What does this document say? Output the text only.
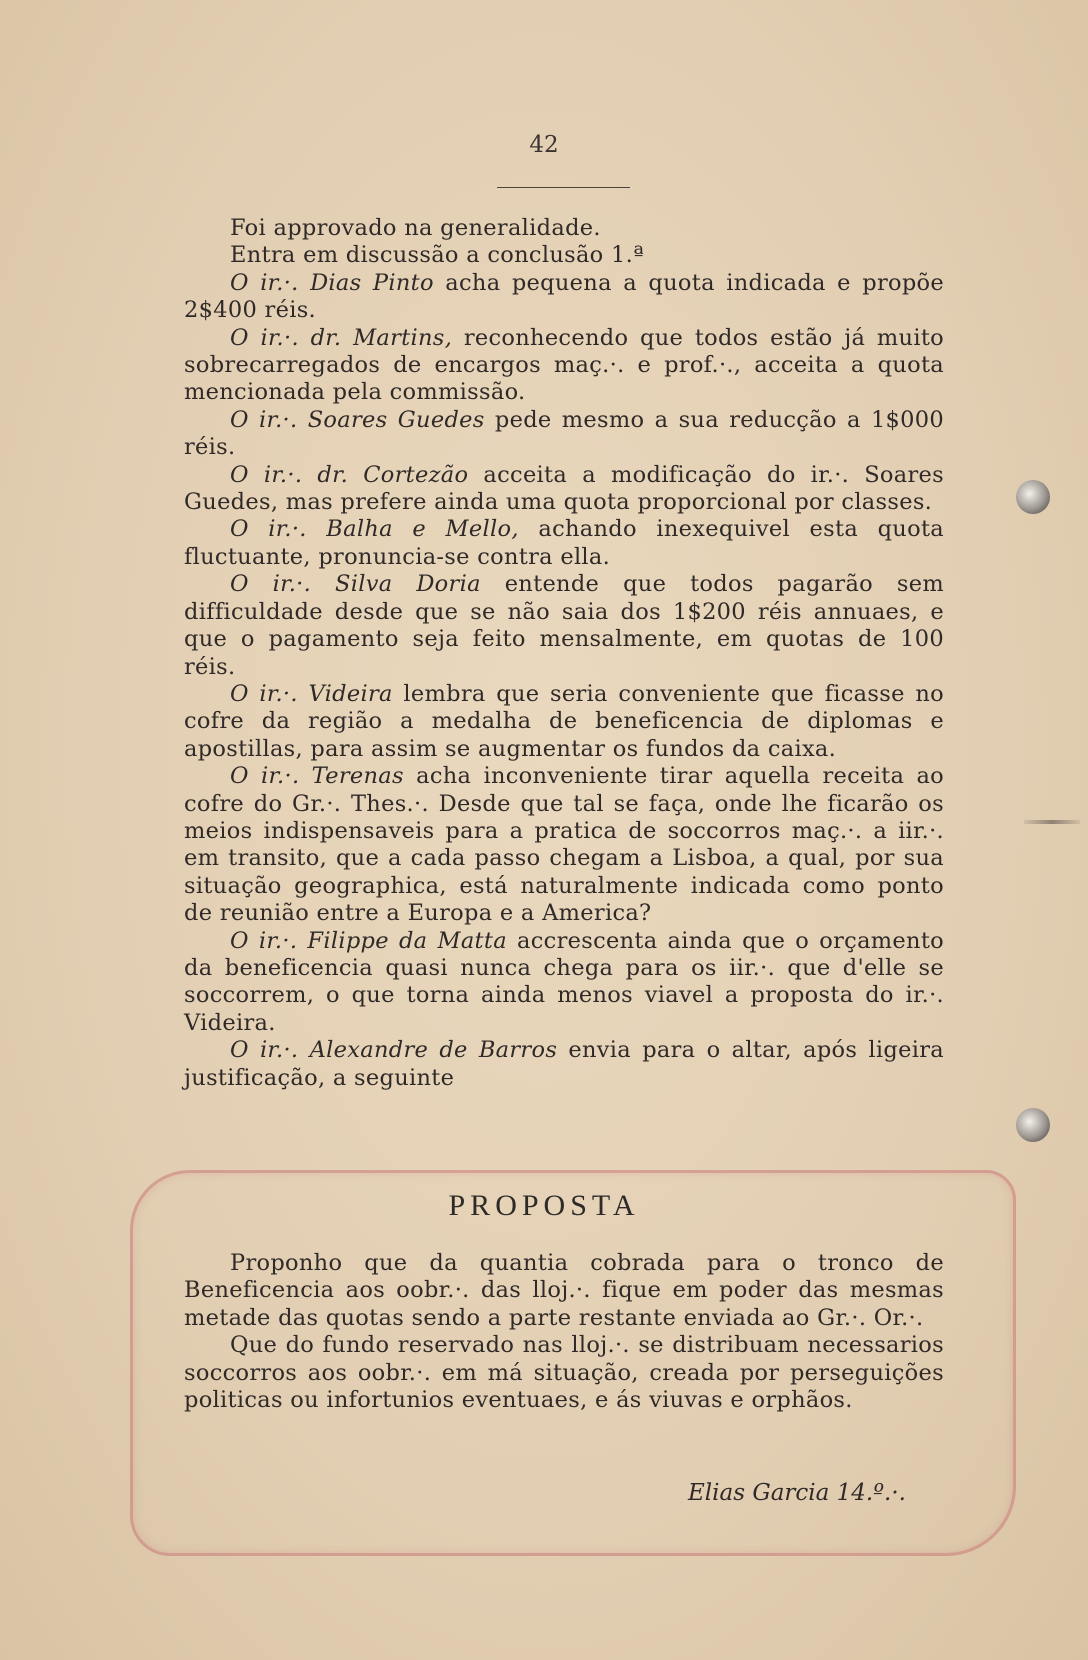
42

Foi approvado na generalidade.

Entra em discussão a conclusão 1.ª

O ir.·. Dias Pinto acha pequena a quota indicada e propõe 2$400 réis.

O ir.·. dr. Martins, reconhecendo que todos estão já muito sobrecarregados de encargos maç.·. e prof.·., acceita a quota mencionada pela commissão.

O ir.·. Soares Guedes pede mesmo a sua reducção a 1$000 réis.

O ir.·. dr. Cortezão acceita a modificação do ir.·. Soares Guedes, mas prefere ainda uma quota proporcional por classes.

O ir.·. Balha e Mello, achando inexequivel esta quota fluctuante, pronuncia-se contra ella.

O ir.·. Silva Doria entende que todos pagarão sem difficuldade desde que se não saia dos 1$200 réis annuaes, e que o pagamento seja feito mensalmente, em quotas de 100 réis.

O ir.·. Videira lembra que seria conveniente que ficasse no cofre da região a medalha de beneficencia de diplomas e apostillas, para assim se augmentar os fundos da caixa.

O ir.·. Terenas acha inconveniente tirar aquella receita ao cofre do Gr.·. Thes.·. Desde que tal se faça, onde lhe ficarão os meios indispensaveis para a pratica de soccorros maç.·. a iir.·. em transito, que a cada passo chegam a Lisboa, a qual, por sua situação geographica, está naturalmente indicada como ponto de reunião entre a Europa e a America?

O ir.·. Filippe da Matta accrescenta ainda que o orçamento da beneficencia quasi nunca chega para os iir.·. que d'elle se soccorrem, o que torna ainda menos viavel a proposta do ir.·. Videira.

O ir.·. Alexandre de Barros envia para o altar, após ligeira justificação, a seguinte

PROPOSTA

Proponho que da quantia cobrada para o tronco de Beneficencia aos oobr.·. das lloj.·. fique em poder das mesmas metade das quotas sendo a parte restante enviada ao Gr.·. Or.·.

Que do fundo reservado nas lloj.·. se distribuam necessarios soccorros aos oobr.·. em má situação, creada por perseguições politicas ou infortunios eventuaes, e ás viuvas e orphãos.

Elias Garcia 14.º.·.
